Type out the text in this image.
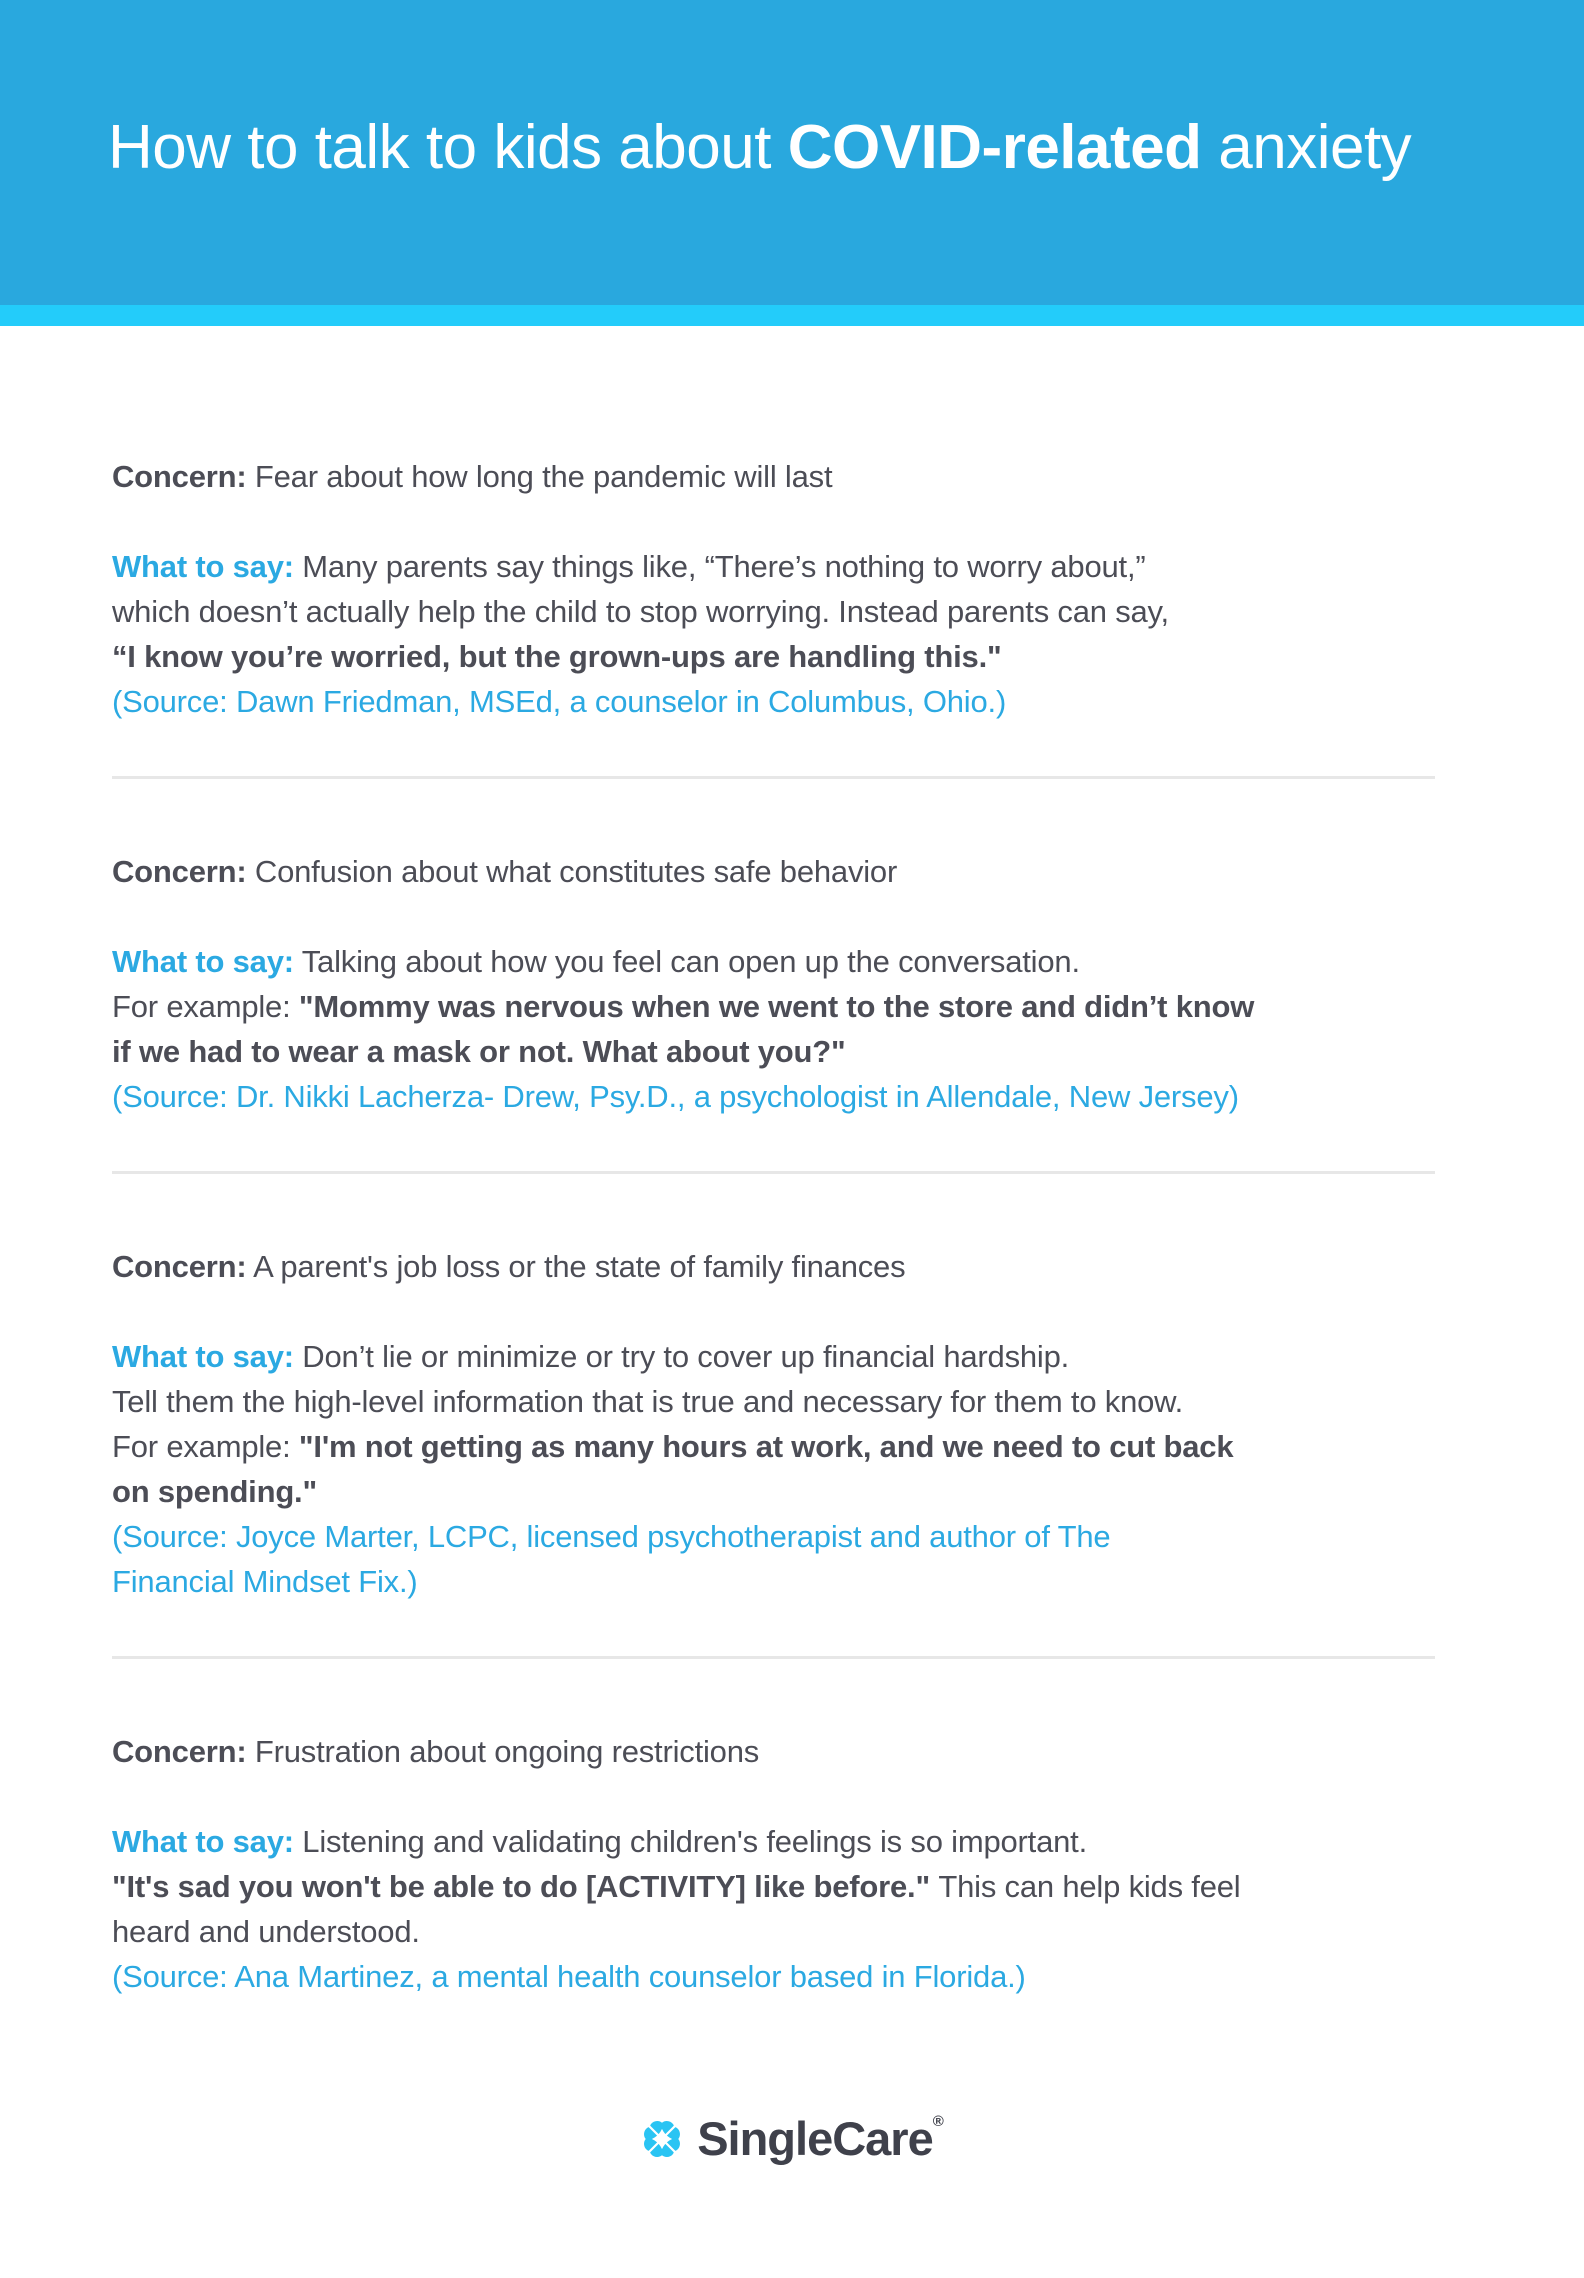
How to talk to kids about COVID-related anxiety

Concern: Fear about how long the pandemic will last

What to say: Many parents say things like, “There’s nothing to worry about,”
which doesn’t actually help the child to stop worrying. Instead parents can say,
“I know you’re worried, but the grown-ups are handling this."
(Source: Dawn Friedman, MSEd, a counselor in Columbus, Ohio.)

Concern: Confusion about what constitutes safe behavior

What to say: Talking about how you feel can open up the conversation.
For example: "Mommy was nervous when we went to the store and didn’t know
if we had to wear a mask or not. What about you?"
(Source: Dr. Nikki Lacherza- Drew, Psy.D., a psychologist in Allendale, New Jersey)

Concern: A parent's job loss or the state of family finances

What to say: Don’t lie or minimize or try to cover up financial hardship.
Tell them the high-level information that is true and necessary for them to know.
For example: "I'm not getting as many hours at work, and we need to cut back
on spending."
(Source: Joyce Marter, LCPC, licensed psychotherapist and author of The
Financial Mindset Fix.)

Concern: Frustration about ongoing restrictions

What to say: Listening and validating children's feelings is so important.
"It's sad you won't be able to do [ACTIVITY] like before." This can help kids feel
heard and understood.
(Source: Ana Martinez, a mental health counselor based in Florida.)

SingleCare ®
